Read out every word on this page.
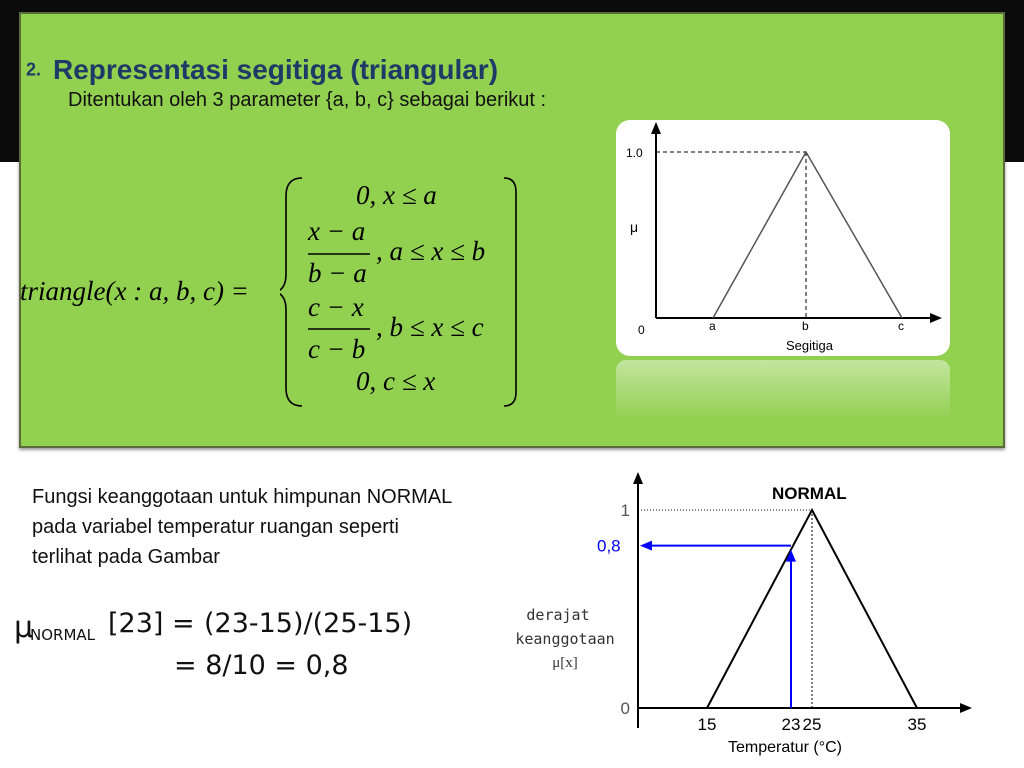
2. Representasi segitiga (triangular)
Ditentukan oleh 3 parameter {a, b, c} sebagai berikut :
triangle(x : a, b, c) =
0, x ≤ a
x − a
b − a
, a ≤ x ≤ b
c − x
c − b
, b ≤ x ≤ c
0, c ≤ x
1.0
μ
0	a	b	c
Segitiga
Fungsi keanggotaan untuk himpunan NORMAL pada variabel temperatur ruangan seperti terlihat pada Gambar
μ
NORMAL [23] = (23-15)/(25-15)
= 8/10 = 0,8
NORMAL
0,8
derajat
keanggotaan
μ[x]
Temperatur (°C)
0
1
15	23 25	35
